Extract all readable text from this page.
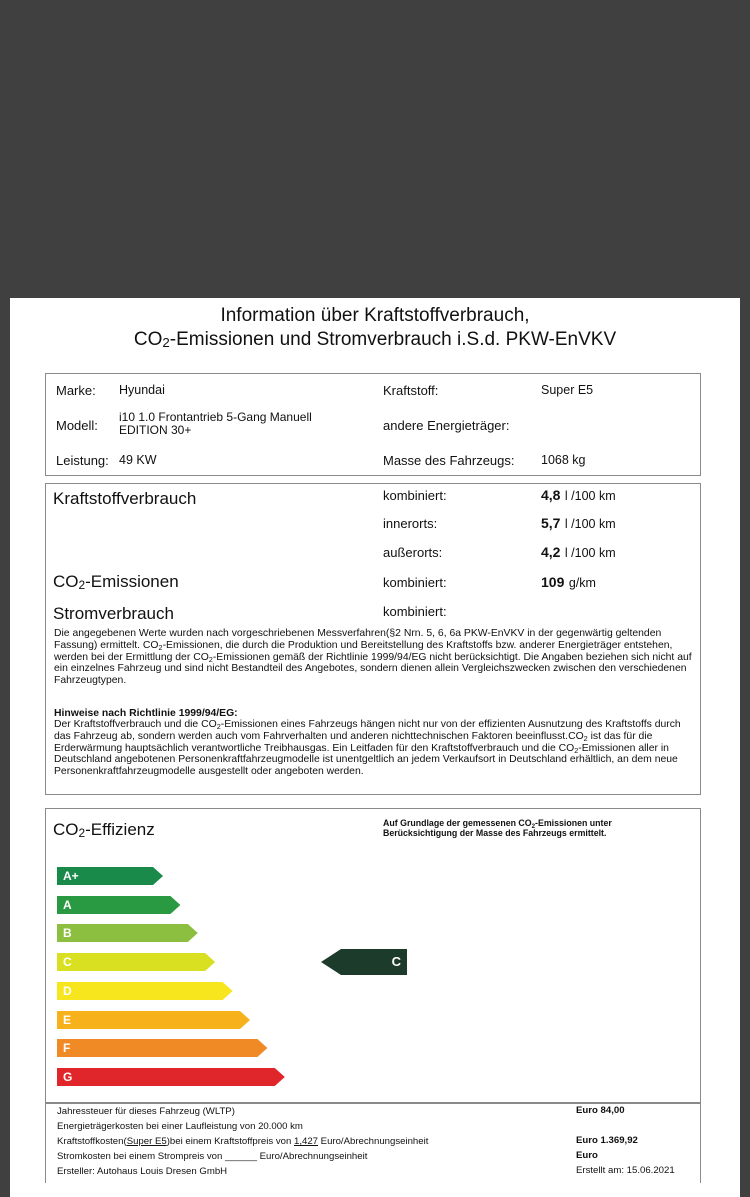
Information über Kraftstoffverbrauch,
$CO_2$-Emissionen und Stromverbrauch i.S.d. PKW-EnVKV
Marke: Hyundai
Modell:
i10 1.0 Frontantrieb 5-Gang Manuell
EDITION 30+
Leistung: 49 KW
Kraftstoff:	Super E5
andere Energieträger:
Masse des Fahrzeugs: 1068 kg
Kraftstoffverbrauch	kombiniert:	4,8 l /100 km
innerorts:	5,7 l /100 km
außerorts:	4,2 l /100 km
$CO_2$-Emissionen	kombiniert:	109 g/km
Stromverbrauch	kombiniert:
Die angegebenen Werte wurden nach vorgeschriebenen Messverfahren(§2 Nrn. 5, 6, 6a PKW-EnVKV in der gegenwärtig geltenden Fassung) ermittelt. $CO_2$-Emissionen, die durch die Produktion und Bereitstellung des Kraftstoffs bzw. anderer Energieträger entstehen, werden bei der Ermittlung der $CO_2$-Emissionen gemäß der Richtlinie 1999/94/EG nicht berücksichtigt. Die Angaben beziehen sich nicht auf ein einzelnes Fahrzeug und sind nicht Bestandteil des Angebotes, sondern dienen allein Vergleichszwecken zwischen den verschiedenen Fahrzeugtypen.
Hinweise nach Richtlinie 1999/94/EG:
Der Kraftstoffverbrauch und die $CO_2$-Emissionen eines Fahrzeugs hängen nicht nur von der effizienten Ausnutzung des Kraftstoffs durch das Fahrzeug ab, sondern werden auch vom Fahrverhalten und anderen nichttechnischen Faktoren $beeinflusst.CO_2$ ist das für die Erderwärmung hauptsächlich verantwortliche Treibhausgas. Ein Leitfaden für den Kraftstoffverbrauch und die $CO_2$-Emissionen aller in Deutschland angebotenen Personenkraftfahrzeugmodelle ist unentgeltlich an jedem Verkaufsort in Deutschland erhältlich, an dem neue Personenkraftfahrzeugmodelle ausgestellt oder angeboten werden.
$CO_2$-Effizienz	Auf Grundlage der gemessenen $CO_2$-Emissionen unter
Berücksichtigung der Masse des Fahrzeugs ermittelt.
A+
A
B
C
D
E
F
G
C
Jahressteuer für dieses Fahrzeug (WLTP)	Euro 84,00
Energieträgerkosten bei einer Laufleistung von 20.000 km
Kraftstoffkosten(Super E5)bei einem Kraftstoffpreis von 1,427 Euro/Abrechnungseinheit	Euro 1.369,92
Stromkosten bei einem Strompreis von ______ Euro/Abrechnungseinheit	Euro
Ersteller: Autohaus Louis Dresen GmbH	Erstellt am: 15.06.2021
